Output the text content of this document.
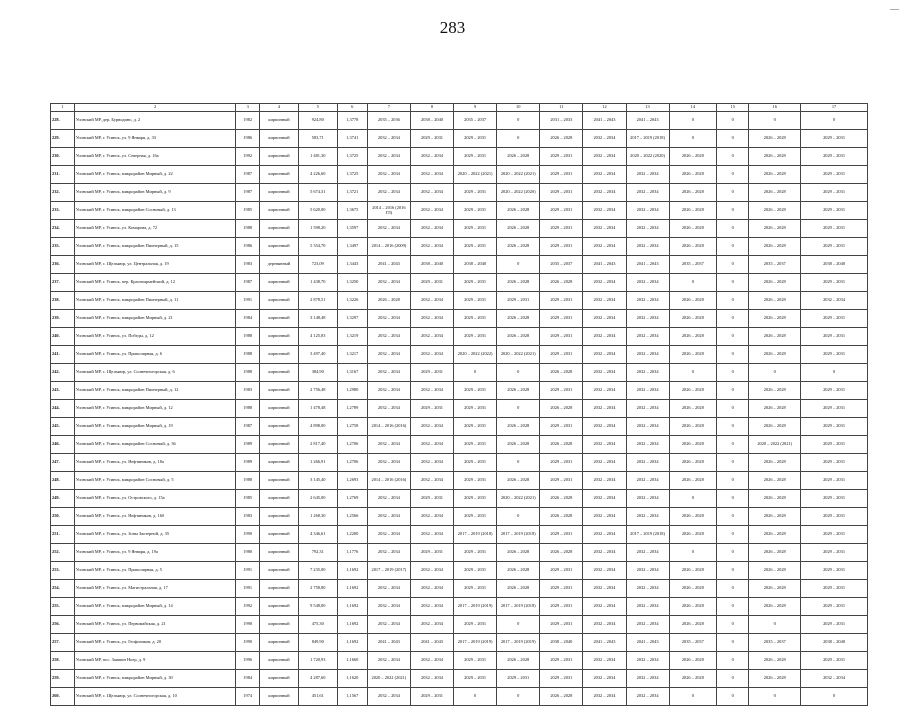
283
—
1	2	3	4	5	6	7	8	9	10	11	12	13	14	15	16	17
228.	Усинский МР, дер. Бурводино, д. 2	1982	кирпичный	924,80	1,3778	2035 – 2036	2038 – 2040	2035 – 2037	0	2031 – 2033	2041 – 2043	2041 – 2043	0	0	0	0
229.	Усинский МР, г. Усинск, ул. 9 Января, д. 33	1986	кирпичный	583,71	1,3741	2032 – 2034	2029 – 2031	2029 – 2031	0	2026 – 2028	2032 – 2034	2017 – 2019 (2018)	0	0	2026 – 2028	2029 – 2031
230.	Усинский МР, г. Усинск, ул. Северная, д. 16а	1992	кирпичный	1 481,30	1,3725	2032 – 2034	2032 – 2034	2029 – 2031	2026 – 2028	2029 – 2031	2032 – 2034	2020 – 2022 (2020)	2026 – 2028	0	2026 – 2028	2029 – 2031
231.	Усинский МР, г. Усинск, микрорайон Мирный, д. 22	1987	кирпичный	4 226,60	1,3725	2032 – 2034	2032 – 2034	2020 – 2022 (2021)	2020 – 2022 (2021)	2029 – 2031	2032 – 2034	2032 – 2034	2026 – 2028	0	2026 – 2028	2029 – 2031
232.	Усинский МР, г. Усинск, микрорайон Мирный, д. 9	1987	кирпичный	5 674,31	1,3721	2032 – 2034	2032 – 2034	2029 – 2031	2020 – 2022 (2020)	2029 – 2031	2032 – 2034	2032 – 2034	2026 – 2028	0	2026 – 2028	2029 – 2031
233.	Усинский МР, г. Усинск, микрорайон Сосновый, д. 13	1985	кирпичный	5 620,00	1,3675	2014 – 2016 (2016 ГЛ)	2032 – 2034	2029 – 2031	2026 – 2028	2029 – 2031	2032 – 2034	2032 – 2034	2026 – 2028	0	2026 – 2028	2029 – 2031
234.	Усинский МР, г. Усинск, ул. Комарова, д. 72	1988	кирпичный	1 598,20	1,3597	2032 – 2034	2032 – 2034	2029 – 2031	2026 – 2028	2029 – 2031	2032 – 2034	2032 – 2034	2026 – 2028	0	2026 – 2028	2029 – 2031
235.	Усинский МР, г. Усинск, микрорайон Пионерный, д. 15	1986	кирпичный	5 354,70	1,3497	2014 – 2016 (2009)	2032 – 2034	2029 – 2031	2026 – 2028	2029 – 2031	2032 – 2034	2032 – 2034	2026 – 2028	0	2026 – 2028	2029 – 2031
236.	Усинский МР, с. Щельяюр, ул. Центральная, д. 19	1983	деревянный	723,09	1,3443	2041 – 2043	2038 – 2040	2038 – 2040	0	2035 – 2037	2041 – 2043	2041 – 2043	2035 – 2037	0	2035 – 2037	2038 – 2040
237.	Усинский МР, г. Усинск, пер. Красноармейский, д. 12	1987	кирпичный	1 438,70	1,3250	2032 – 2034	2029 – 2031	2029 – 2031	2026 – 2028	2026 – 2028	2032 – 2034	2032 – 2034	0	0	2026 – 2028	2029 – 2031
238.	Усинский МР, г. Усинск, микрорайон Пионерный, д. 11	1991	кирпичный	2 878,51	1,3226	2026 – 2028	2032 – 2034	2029 – 2031	2029 – 2031	2029 – 2031	2032 – 2034	2032 – 2034	2026 – 2028	0	2026 – 2028	2032 – 2034
239.	Усинский МР, г. Усинск, микрорайон Мирный, д. 21	1984	кирпичный	3 148,48	1,3297	2032 – 2034	2032 – 2034	2029 – 2031	2026 – 2028	2029 – 2031	2032 – 2034	2032 – 2034	2026 – 2028	0	2026 – 2028	2029 – 2031
240.	Усинский МР, г. Усинск, ул. Победы, д. 12	1988	кирпичный	4 125,83	1,3219	2032 – 2034	2032 – 2034	2029 – 2031	2026 – 2028	2029 – 2031	2032 – 2034	2032 – 2034	2026 – 2028	0	2026 – 2028	2029 – 2031
241.	Усинский МР, г. Усинск, ул. Приполярная, д. 6	1988	кирпичный	3 497,40	1,3217	2032 – 2034	2032 – 2034	2020 – 2022 (2022)	2020 – 2022 (2021)	2029 – 2031	2032 – 2034	2032 – 2034	2026 – 2028	0	2026 – 2028	2029 – 2031
242.	Усинский МР, с. Щельяюр, ул. Солнечногорская, д. 6	1988	кирпичный	384,90	1,3167	2032 – 2034	2029 – 2031	0	0	2026 – 2028	2032 – 2034	2032 – 2034	0	0	0	0
243.	Усинский МР, г. Усинск, микрорайон Пионерный, д. 12	1983	кирпичный	2 756,48	1,2980	2032 – 2034	2032 – 2034	2029 – 2031	2026 – 2028	2029 – 2031	2032 – 2034	2032 – 2034	2026 – 2028	0	2026 – 2028	2029 – 2031
244.	Усинский МР, г. Усинск, микрорайон Мирный, д. 12	1988	кирпичный	1 478,48	1,2789	2032 – 2034	2029 – 2031	2029 – 2031	0	2026 – 2028	2032 – 2034	2032 – 2034	2026 – 2028	0	2026 – 2028	2029 – 2031
245.	Усинский МР, г. Усинск, микрорайон Мирный, д. 19	1987	кирпичный	4 898,00	1,2758	2014 – 2016 (2016)	2032 – 2034	2029 – 2031	2026 – 2028	2029 – 2031	2032 – 2034	2032 – 2034	2026 – 2028	0	2026 – 2028	2029 – 2031
246.	Усинский МР, г. Усинск, микрорайон Сосновый, д. 36	1989	кирпичный	2 817,40	1,2706	2032 – 2034	2032 – 2034	2029 – 2031	2026 – 2028	2026 – 2028	2032 – 2034	2032 – 2034	2026 – 2028	0	2020 – 2022 (2021)	2029 – 2031
247.	Усинский МР, г. Усинск, ул. Нефтяников, д. 18а	1989	кирпичный	1 266,91	1,2706	2032 – 2034	2032 – 2034	2029 – 2031	0	2029 – 2031	2032 – 2034	2032 – 2034	2026 – 2028	0	2026 – 2028	2029 – 2031
248.	Усинский МР, г. Усинск, микрорайон Сосновый, д. 5	1988	кирпичный	3 145,40	1,2693	2014 – 2016 (2016)	2032 – 2034	2029 – 2031	2026 – 2028	2029 – 2031	2032 – 2034	2032 – 2034	2026 – 2028	0	2026 – 2028	2029 – 2031
249.	Усинский МР, г. Усинск, ул. Островского, д. 15а	1985	кирпичный	2 645,00	1,2769	2032 – 2034	2029 – 2031	2029 – 2031	2020 – 2022 (2021)	2026 – 2028	2032 – 2034	2032 – 2034	0	0	2026 – 2028	2029 – 2031
250.	Усинский МР, г. Усинск, ул. Нефтяников, д. 16б	1983	кирпичный	1 268,30	1,2566	2032 – 2034	2032 – 2034	2029 – 2031	0	2026 – 2028	2032 – 2034	2032 – 2034	2026 – 2028	0	2026 – 2028	2029 – 2031
251.	Усинский МР, г. Усинск, ул. Зоны Заозерной, д. 35	1990	кирпичный	4 346,61	1,2200	2032 – 2034	2032 – 2034	2017 – 2019 (2018)	2017 – 2019 (2018)	2029 – 2031	2032 – 2034	2017 – 2019 (2018)	2026 – 2028	0	2026 – 2028	2029 – 2031
252.	Усинский МР, г. Усинск, ул. 9 Января, д. 19а	1980	кирпичный	792,31	1,1776	2032 – 2034	2029 – 2031	2029 – 2031	2026 – 2028	2026 – 2028	2032 – 2034	2032 – 2034	0	0	2026 – 2028	2029 – 2031
253.	Усинский МР, г. Усинск, ул. Приполярная, д. 5	1991	кирпичный	7 235,00	1,1692	2017 – 2019 (2017)	2032 – 2034	2029 – 2031	2026 – 2028	2029 – 2031	2032 – 2034	2032 – 2034	2026 – 2028	0	2026 – 2028	2029 – 2031
254.	Усинский МР, г. Усинск, ул. Магистральная, д. 17	1991	кирпичный	2 758,80	1,1692	2032 – 2034	2032 – 2034	2029 – 2031	2026 – 2028	2029 – 2031	2032 – 2034	2032 – 2034	2026 – 2028	0	2026 – 2028	2029 – 2031
255.	Усинский МР, г. Усинск, микрорайон Мирный, д. 14	1992	кирпичный	9 548,00	1,1692	2032 – 2034	2032 – 2034	2017 – 2019 (2019)	2017 – 2019 (2018)	2029 – 2031	2032 – 2034	2032 – 2034	2026 – 2028	0	2026 – 2028	2029 – 2031
256.	Усинский МР, г. Усинск, ул. Первомайская, д. 21	1990	кирпичный	475,30	1,1692	2032 – 2034	2032 – 2034	2029 – 2031	0	2029 – 2031	2032 – 2034	2032 – 2034	2026 – 2028	0	0	2029 – 2031
257.	Усинский МР, г. Усинск, ул. Геофизиков, д. 20	1990	кирпичный	849,90	1,1692	2041 – 2043	2041 – 2043	2017 – 2019 (2019)	2017 – 2019 (2019)	2038 – 2040	2041 – 2043	2041 – 2043	2035 – 2037	0	2035 – 2037	2038 – 2040
258.	Усинский МР, пос. Заяшин Ноер, д. 9	1996	кирпичный	1 720,93	1,1660	2032 – 2034	2032 – 2034	2029 – 2031	2026 – 2028	2029 – 2031	2032 – 2034	2032 – 2034	2026 – 2028	0	2026 – 2028	2029 – 2031
259.	Усинский МР, г. Усинск, микрорайон Мирный, д. 30	1984	кирпичный	4 287,60	1,1620	2020 – 2022 (2021)	2032 – 2034	2029 – 2031	2029 – 2031	2029 – 2031	2032 – 2034	2032 – 2034	2026 – 2028	0	2026 – 2028	2032 – 2034
260.	Усинский МР, с. Щельяюр, ул. Солнечногорская, д. 10	1974	кирпичный	451,61	1,1567	2032 – 2034	2029 – 2031	0	0	2026 – 2028	2032 – 2034	2032 – 2034	0	0	0	0
